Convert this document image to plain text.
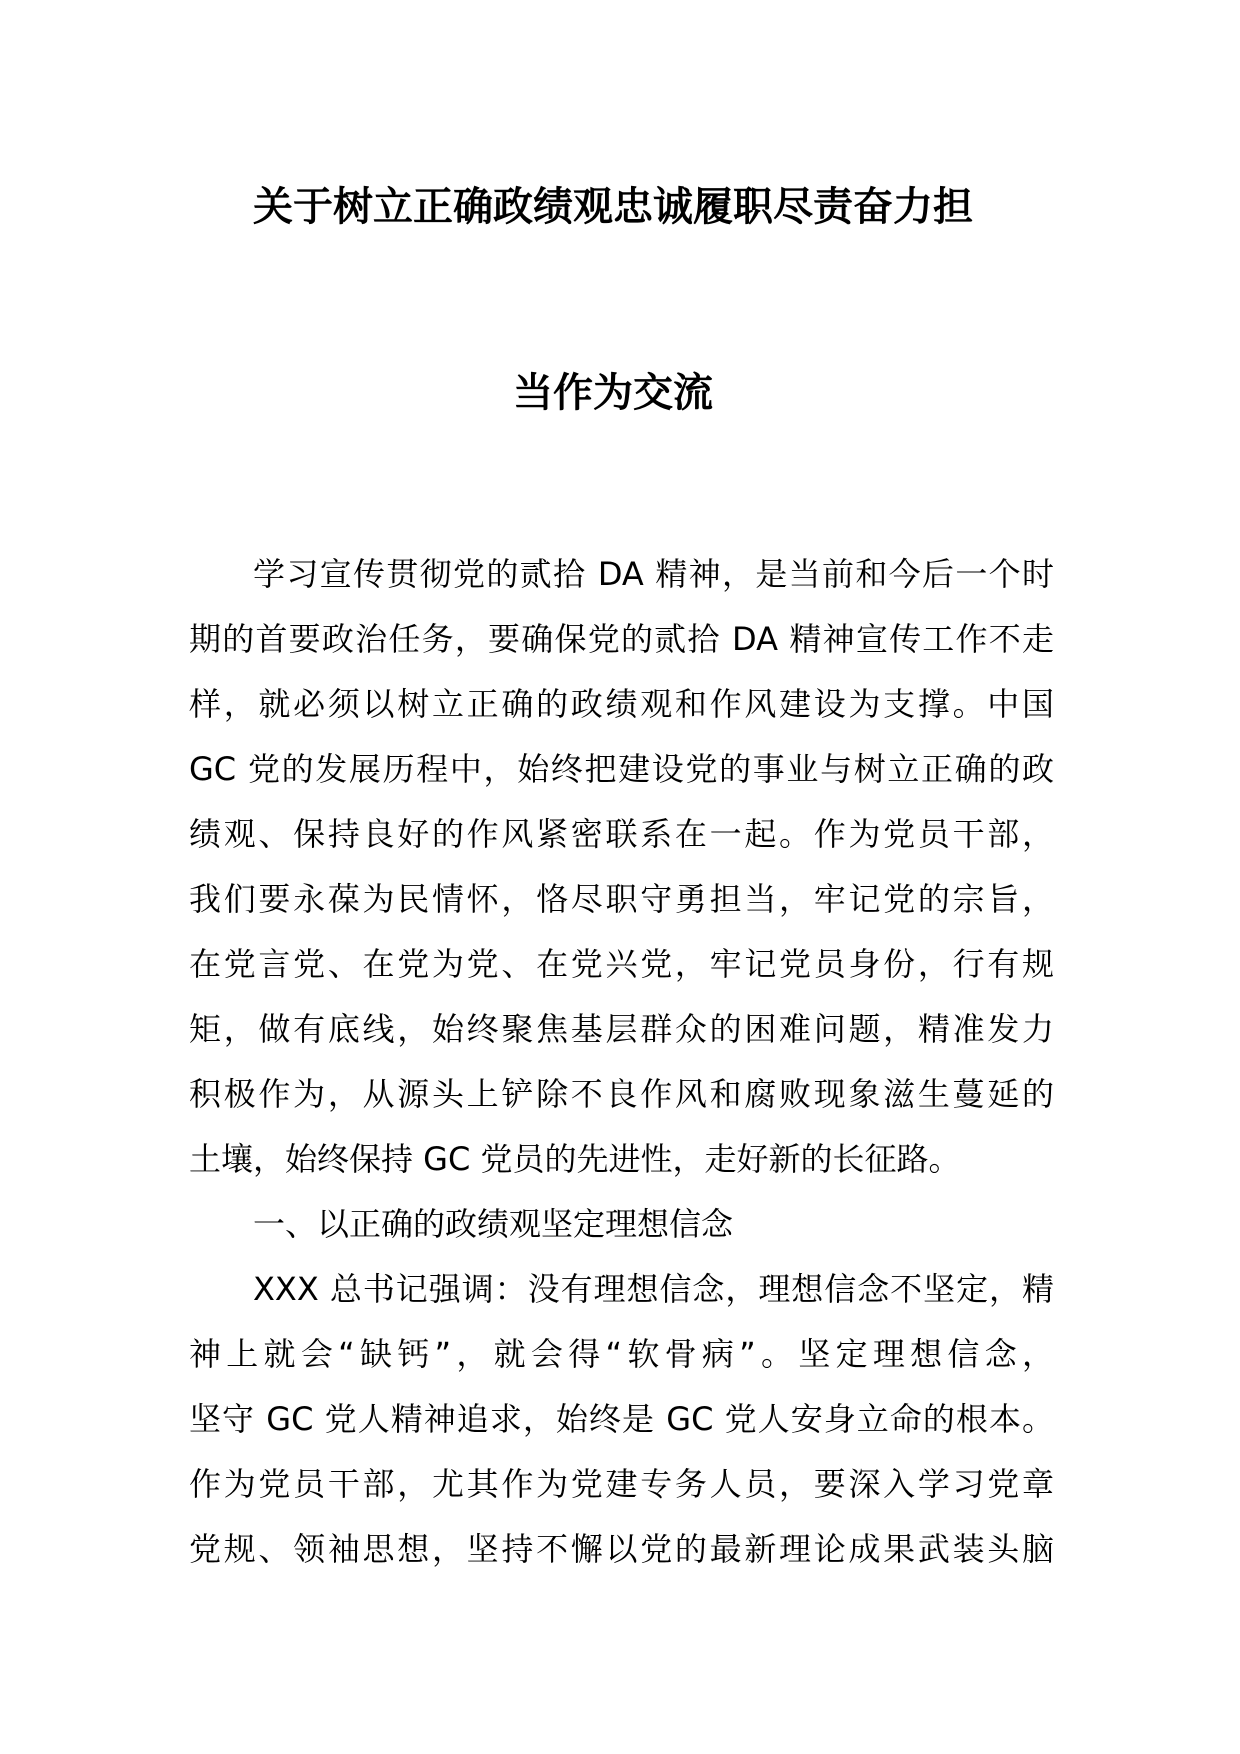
关于树立正确政绩观忠诚履职尽责奋力担
当作为交流
学习宣传贯彻党的贰拾 DA 精神，是当前和今后一个时
期的首要政治任务，要确保党的贰拾 DA 精神宣传工作不走
样，就必须以树立正确的政绩观和作风建设为支撑。中国
GC 党的发展历程中，始终把建设党的事业与树立正确的政
绩观、保持良好的作风紧密联系在一起。作为党员干部，
我们要永葆为民情怀，恪尽职守勇担当，牢记党的宗旨，
在党言党、在党为党、在党兴党，牢记党员身份，行有规
矩，做有底线，始终聚焦基层群众的困难问题，精准发力
积极作为，从源头上铲除不良作风和腐败现象滋生蔓延的
土壤，始终保持 GC 党员的先进性，走好新的长征路。
一、以正确的政绩观坚定理想信念
XXX 总书记强调：没有理想信念，理想信念不坚定，精
神上就会“缺钙”，就会得“软骨病”。坚定理想信念，
坚守 GC 党人精神追求，始终是 GC 党人安身立命的根本。
作为党员干部，尤其作为党建专务人员，要深入学习党章
党规、领袖思想，坚持不懈以党的最新理论成果武装头脑
